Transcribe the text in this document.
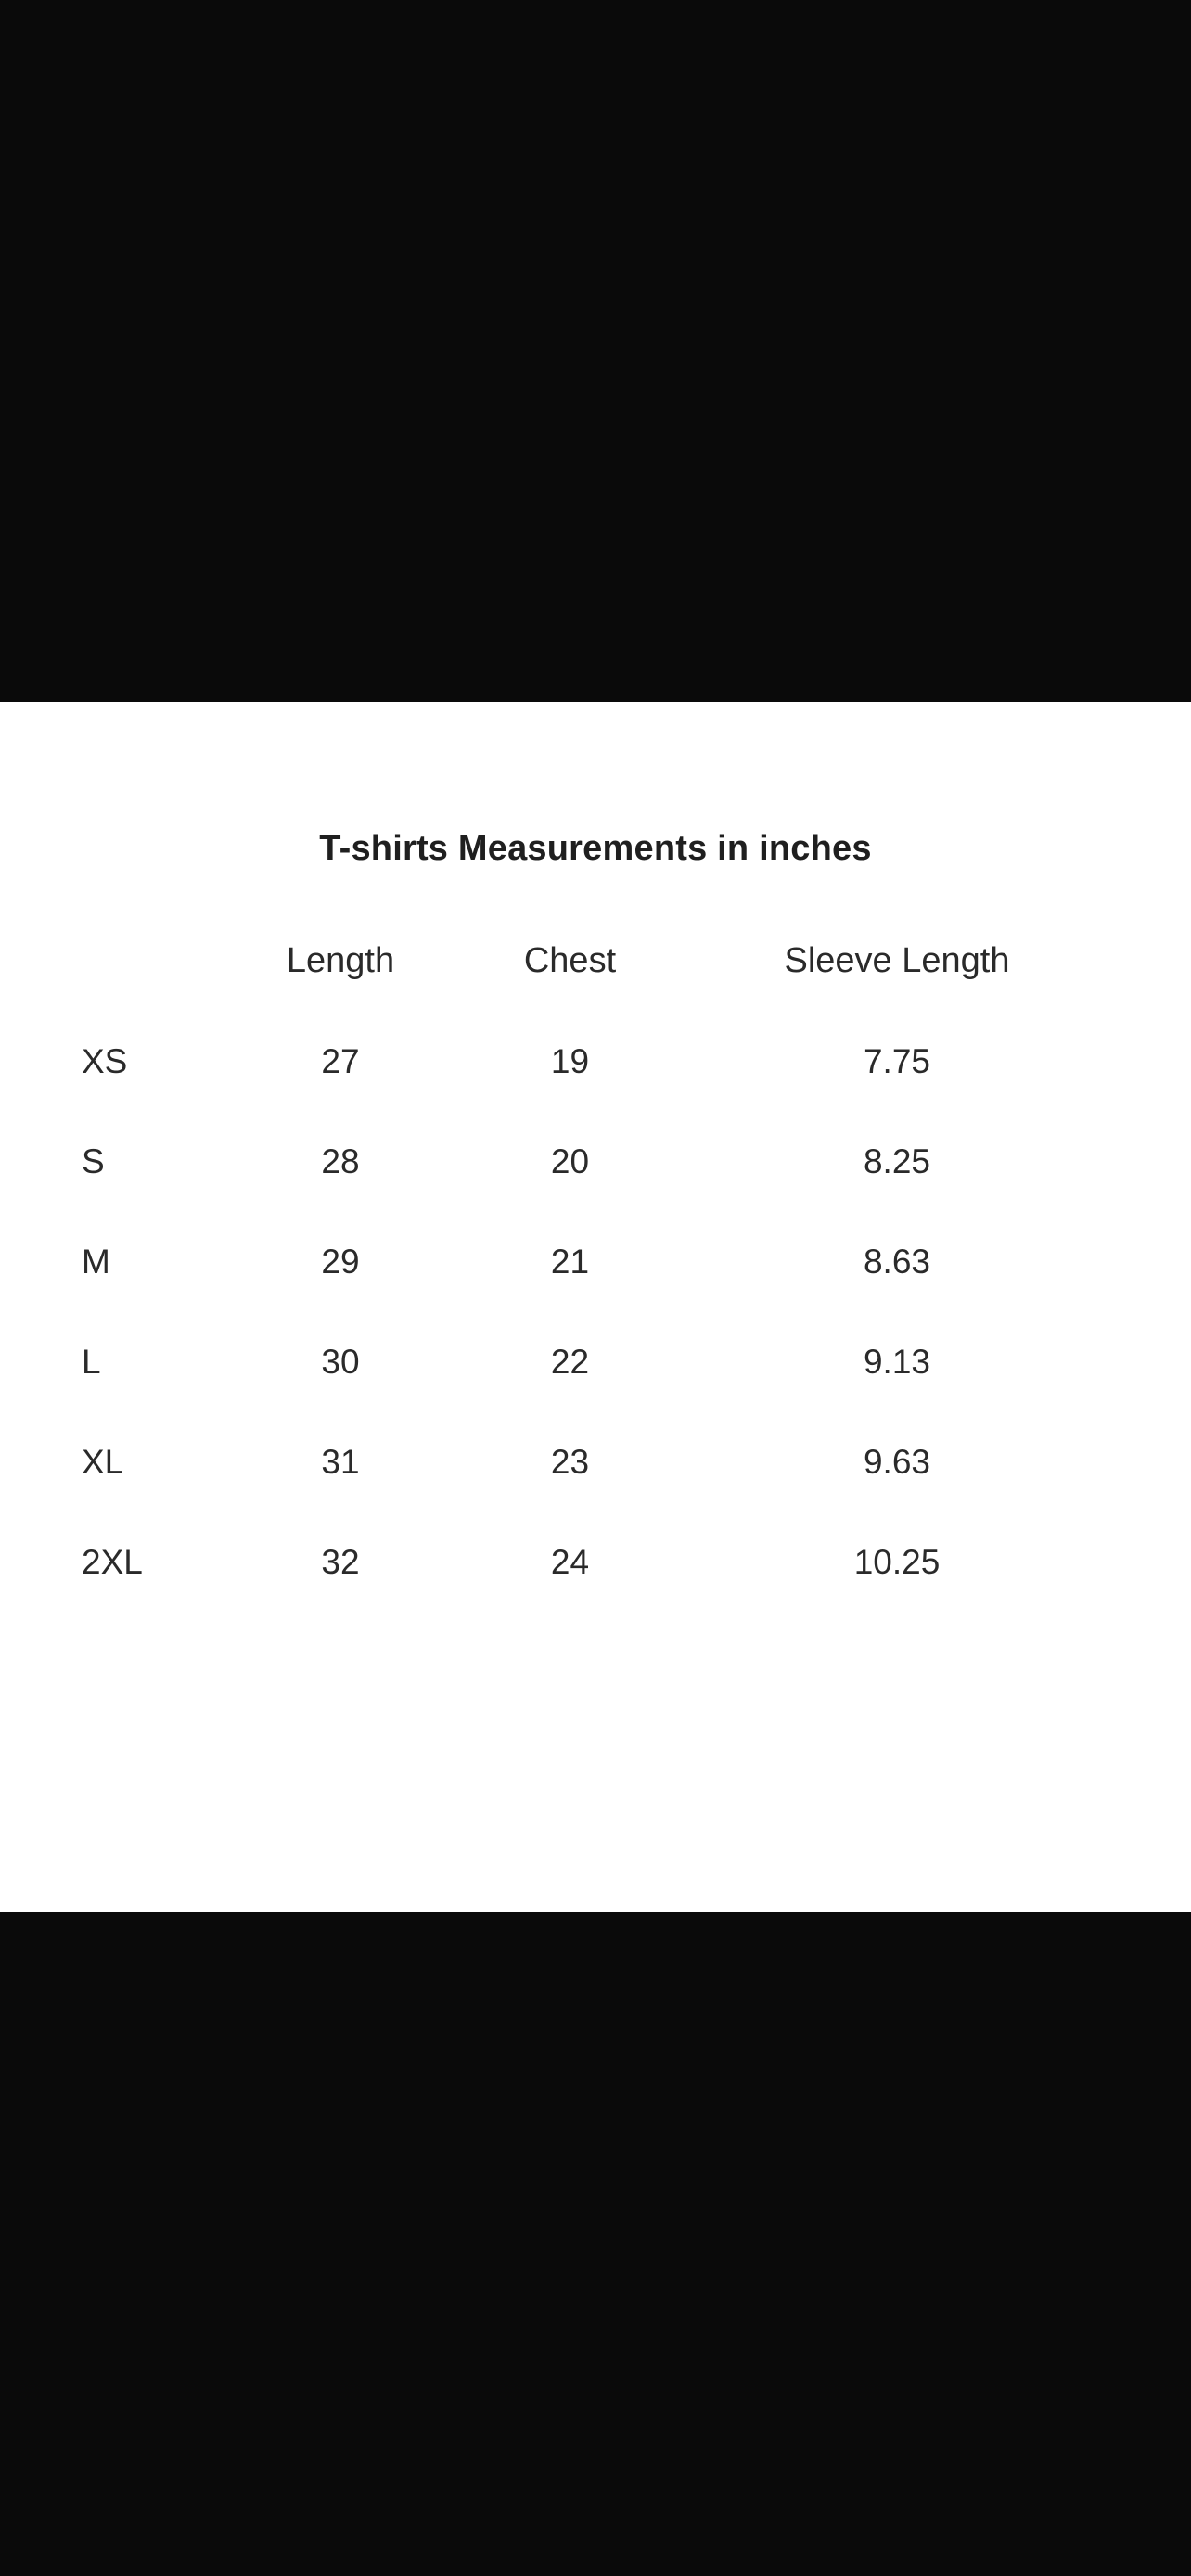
T-shirts Measurements in inches
	Length	Chest	Sleeve Length
XS	27	19	7.75
S	28	20	8.25
M	29	21	8.63
L	30	22	9.13
XL	31	23	9.63
2XL	32	24	10.25
